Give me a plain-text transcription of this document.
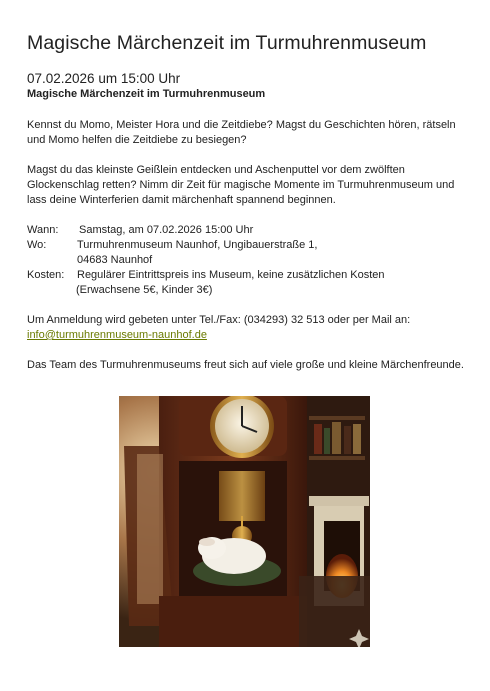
Magische Märchenzeit im Turmuhrenmuseum
07.02.2026 um 15:00 Uhr
Magische Märchenzeit im Turmuhrenmuseum

Kennst du Momo, Meister Hora und die Zeitdiebe? Magst du Geschichten hören, rätseln und Momo helfen die Zeitdiebe zu besiegen?

Magst du das kleinste Geißlein entdecken und Aschenputtel vor dem zwölften Glockenschlag retten? Nimm dir Zeit für magische Momente im Turmuhrenmuseum und lass deine Winterferien damit märchenhaft spannend beginnen.

Wann:	Samstag, am 07.02.2026 15:00 Uhr
Wo:	Turmuhrenmuseum Naunhof, Ungibauerstraße 1,
04683 Naunhof
Kosten:	Regulärer Eintrittspreis ins Museum, keine zusätzlichen Kosten
(Erwachsene 5€, Kinder 3€)

Um Anmeldung wird gebeten unter Tel./Fax: (034293) 32 513 oder per Mail an: info@turmuhrenmuseum-naunhof.de

Das Team des Turmuhrenmuseums freut sich auf viele große und kleine Märchenfreunde.
